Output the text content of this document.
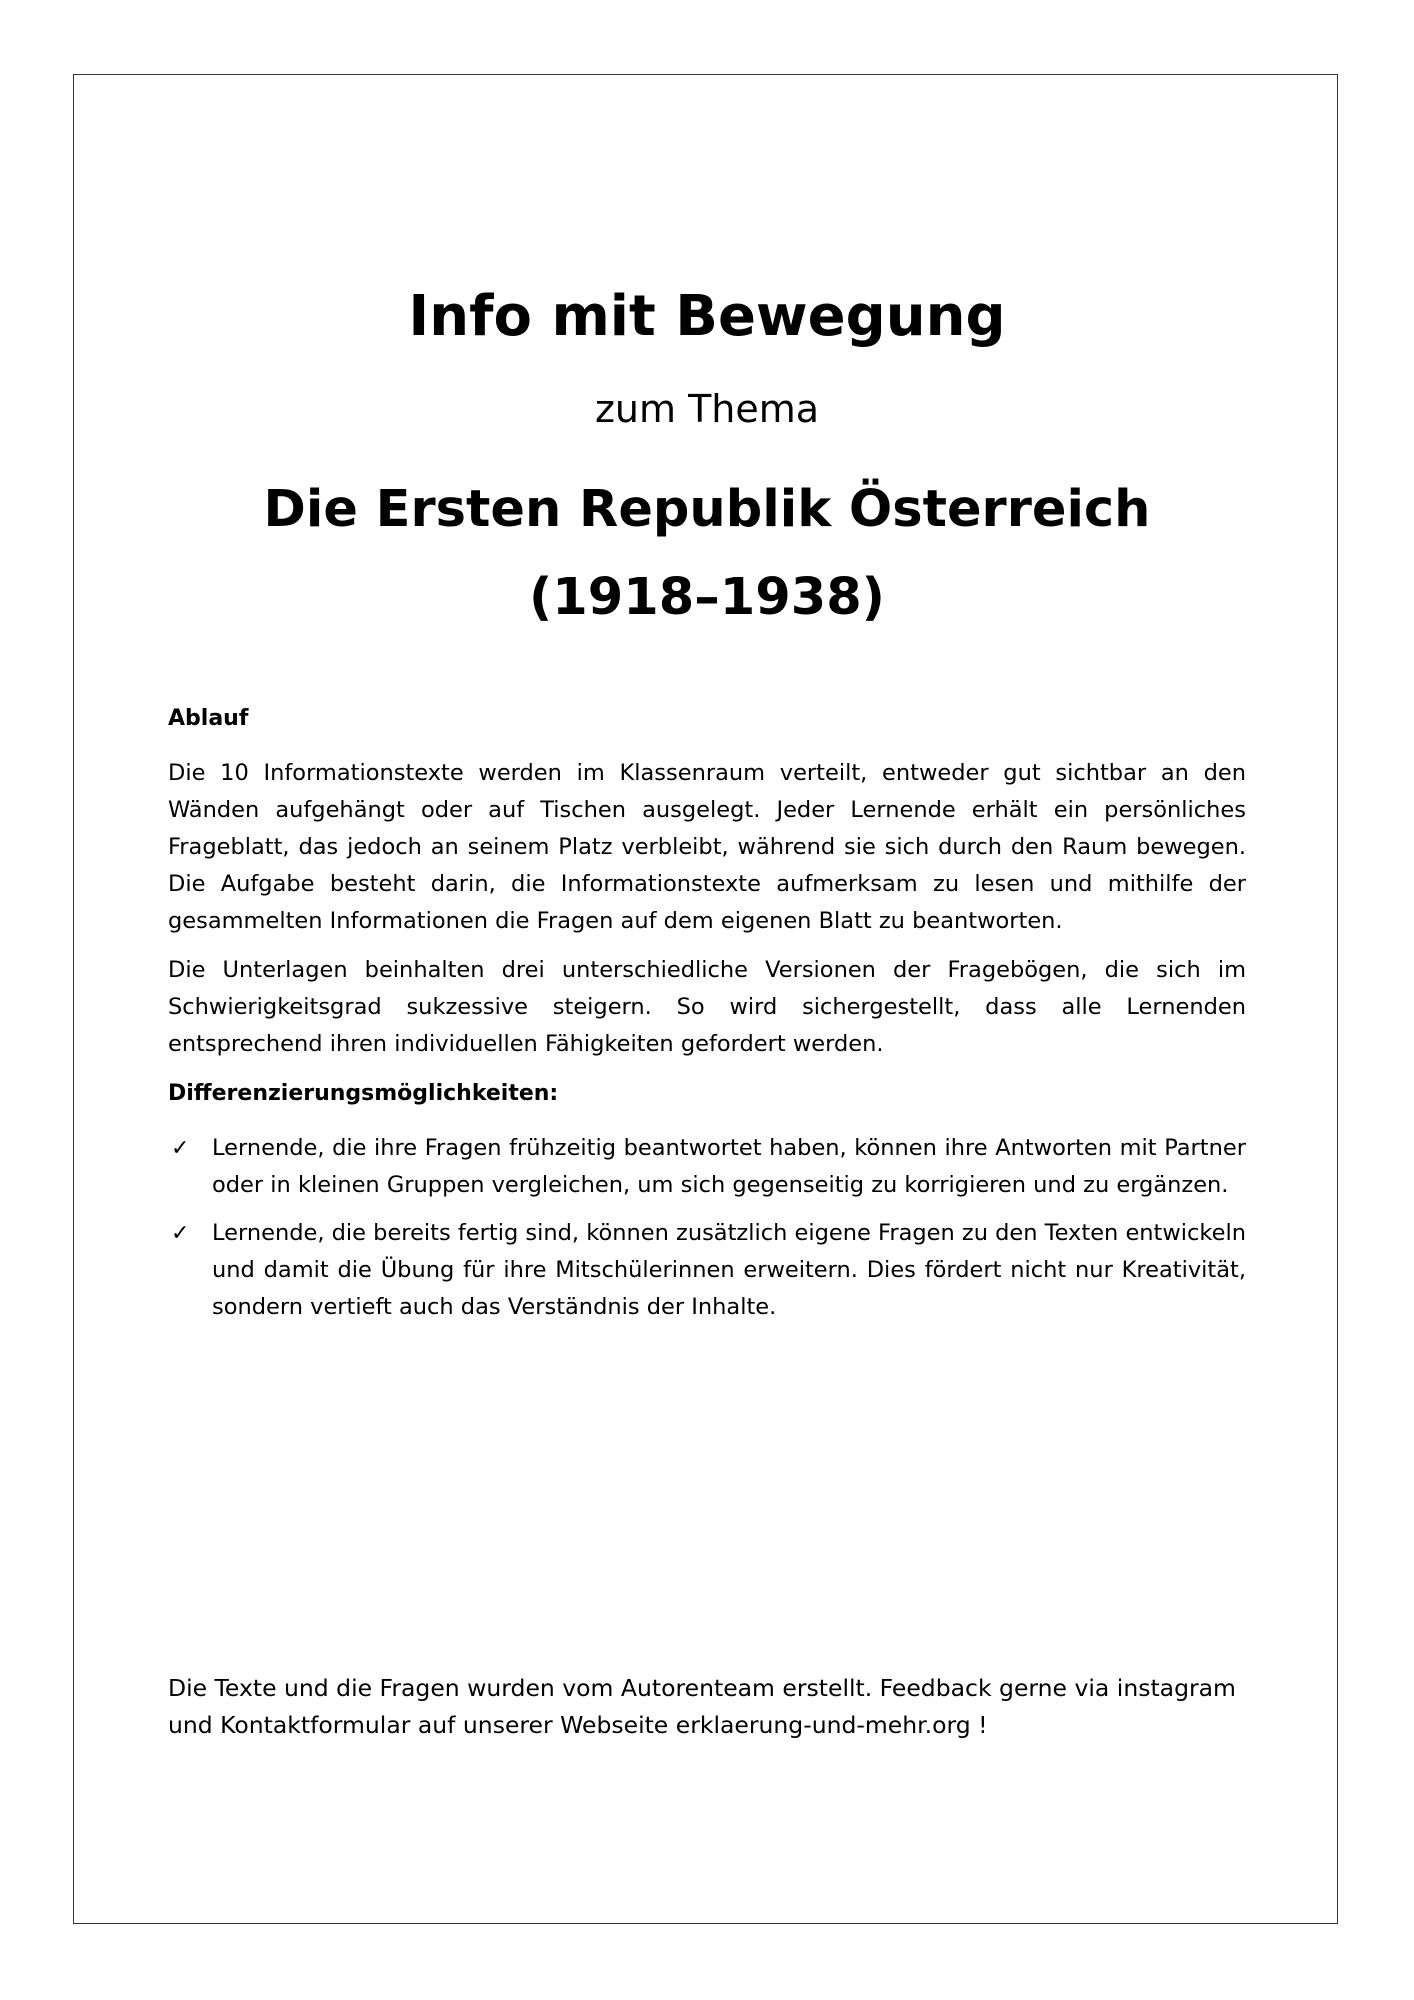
Info mit Bewegung
zum Thema
Die Ersten Republik Österreich (1918–1938)
Ablauf

Die 10 Informationstexte werden im Klassenraum verteilt, entweder gut sichtbar an den Wänden aufgehängt oder auf Tischen ausgelegt. Jeder Lernende erhält ein persönliches Frageblatt, das jedoch an seinem Platz verbleibt, während sie sich durch den Raum bewegen. Die Aufgabe besteht darin, die Informationstexte aufmerksam zu lesen und mithilfe der gesammelten Informationen die Fragen auf dem eigenen Blatt zu beantworten.

Die Unterlagen beinhalten drei unterschiedliche Versionen der Fragebögen, die sich im Schwierigkeitsgrad sukzessive steigern. So wird sichergestellt, dass alle Lernenden entsprechend ihren individuellen Fähigkeiten gefordert werden.

Differenzierungsmöglichkeiten:
✓ Lernende, die ihre Fragen frühzeitig beantwortet haben, können ihre Antworten mit Partner oder in kleinen Gruppen vergleichen, um sich gegenseitig zu korrigieren und zu ergänzen.
✓ Lernende, die bereits fertig sind, können zusätzlich eigene Fragen zu den Texten entwickeln und damit die Übung für ihre Mitschülerinnen erweitern. Dies fördert nicht nur Kreativität, sondern vertieft auch das Verständnis der Inhalte.
Die Texte und die Fragen wurden vom Autorenteam erstellt. Feedback gerne via instagram und Kontaktformular auf unserer Webseite erklaerung-und-mehr.org !
